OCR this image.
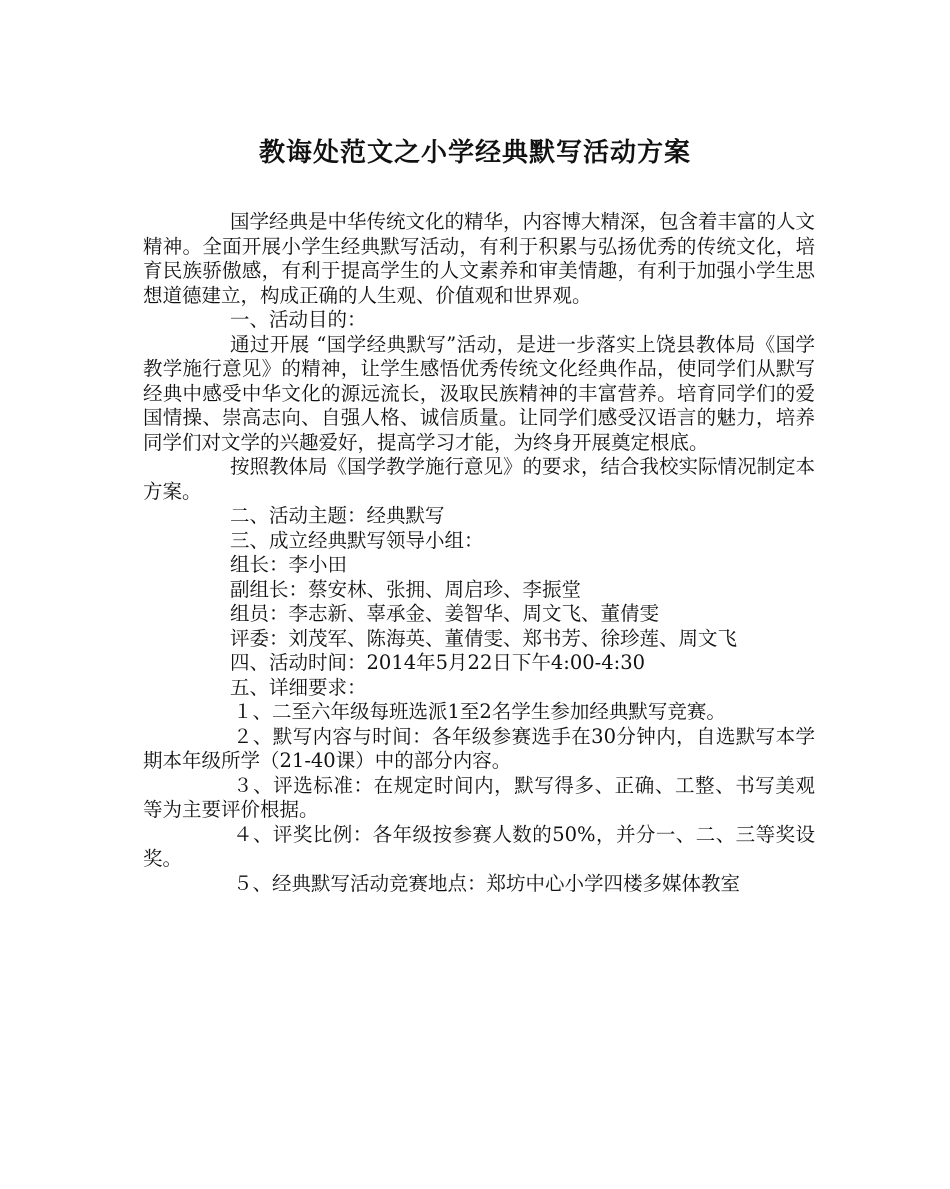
教诲处范文之小学经典默写活动方案

国学经典是中华传统文化的精华，内容博大精深，包含着丰富的人文精神。全面开展小学生经典默写活动，有利于积累与弘扬优秀的传统文化，培育民族骄傲感，有利于提高学生的人文素养和审美情趣，有利于加强小学生思想道德建立，构成正确的人生观、价值观和世界观。

一、活动目的：

通过开展 “国学经典默写”活动，是进一步落实上饶县教体局《国学教学施行意见》的精神，让学生感悟优秀传统文化经典作品，使同学们从默写经典中感受中华文化的源远流长，汲取民族精神的丰富营养。培育同学们的爱国情操、崇高志向、自强人格、诚信质量。让同学们感受汉语言的魅力，培养同学们对文学的兴趣爱好，提高学习才能，为终身开展奠定根底。

按照教体局《国学教学施行意见》的要求，结合我校实际情况制定本方案。

二、活动主题：经典默写

三、成立经典默写领导小组：

组长：李小田

副组长：蔡安林、张拥、周启珍、李振堂

组员：李志新、辜承金、姜智华、周文飞、董倩雯

评委：刘茂军、陈海英、董倩雯、郑书芳、徐珍莲、周文飞

四、活动时间：2014年5月22日下午4:00-4:30

五、详细要求：

１、二至六年级每班选派1至2名学生参加经典默写竞赛。

２、默写内容与时间：各年级参赛选手在30分钟内，自选默写本学期本年级所学（21-40课）中的部分内容。

３、评选标准：在规定时间内，默写得多、正确、工整、书写美观等为主要评价根据。

４、评奖比例：各年级按参赛人数的50%，并分一、二、三等奖设奖。

５、经典默写活动竞赛地点：郑坊中心小学四楼多媒体教室
